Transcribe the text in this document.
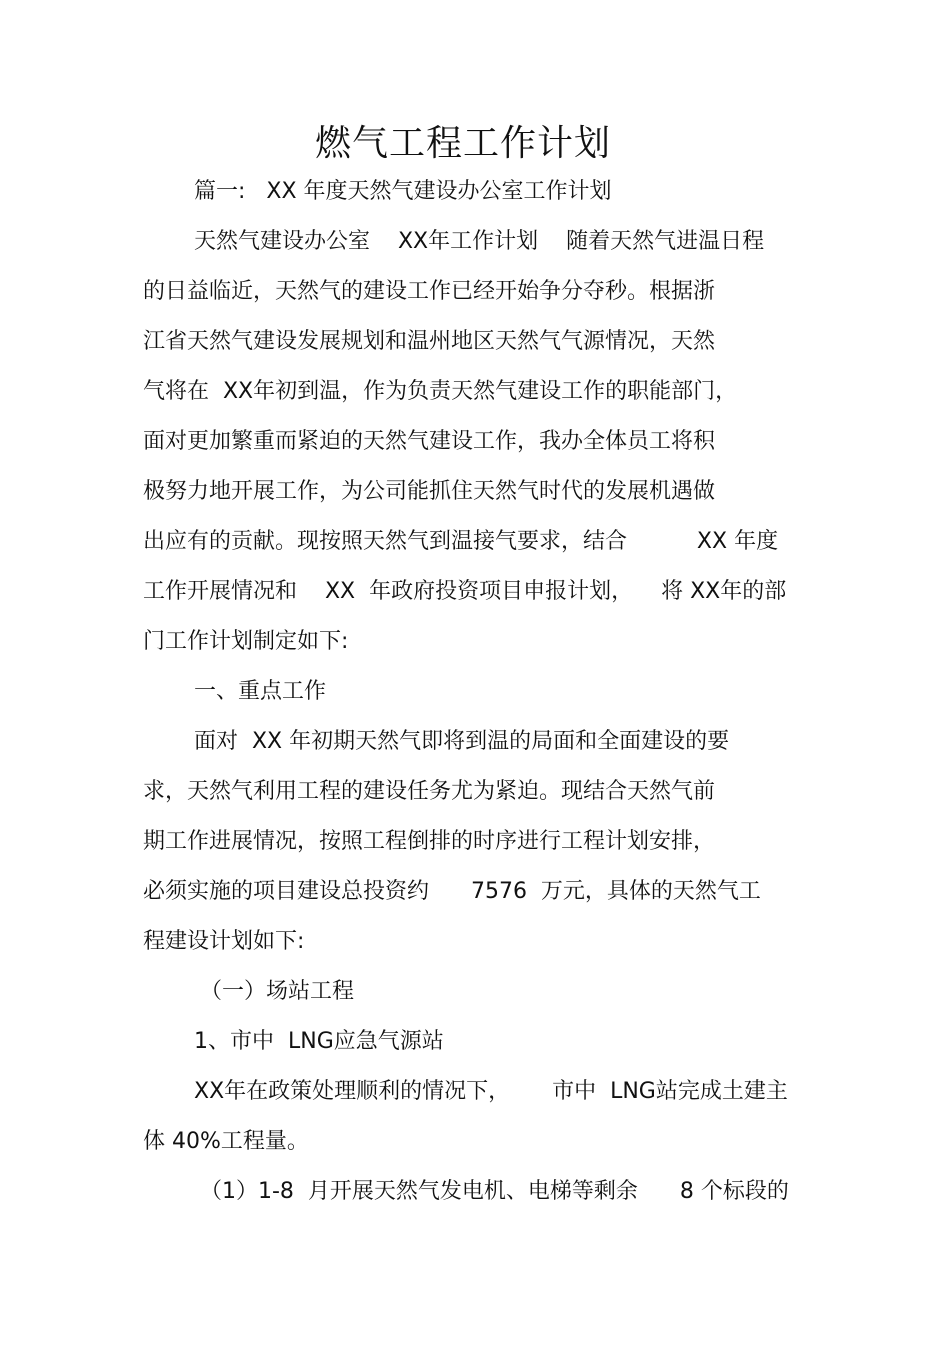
燃气工程工作计划
篇一:   XX 年度天然气建设办公室工作计划
天然气建设办公室    XX年工作计划    随着天然气进温日程
的日益临近，天然气的建设工作已经开始争分夺秒。根据浙
江省天然气建设发展规划和温州地区天然气气源情况，天然
气将在  XX年初到温，作为负责天然气建设工作的职能部门，
面对更加繁重而紧迫的天然气建设工作，我办全体员工将积
极努力地开展工作，为公司能抓住天然气时代的发展机遇做
出应有的贡献。现按照天然气到温接气要求，结合          XX 年度
工作开展情况和    XX  年政府投资项目申报计划，    将 XX年的部
门工作计划制定如下:
一、重点工作
面对  XX 年初期天然气即将到温的局面和全面建设的要
求，天然气利用工程的建设任务尤为紧迫。现结合天然气前
期工作进展情况，按照工程倒排的时序进行工程计划安排，
必须实施的项目建设总投资约      7576  万元，具体的天然气工
程建设计划如下:
（一）场站工程
1、市中  LNG应急气源站
XX年在政策处理顺利的情况下，      市中  LNG站完成土建主
体 40%工程量。
（1）1-8  月开展天然气发电机、电梯等剩余      8 个标段的
